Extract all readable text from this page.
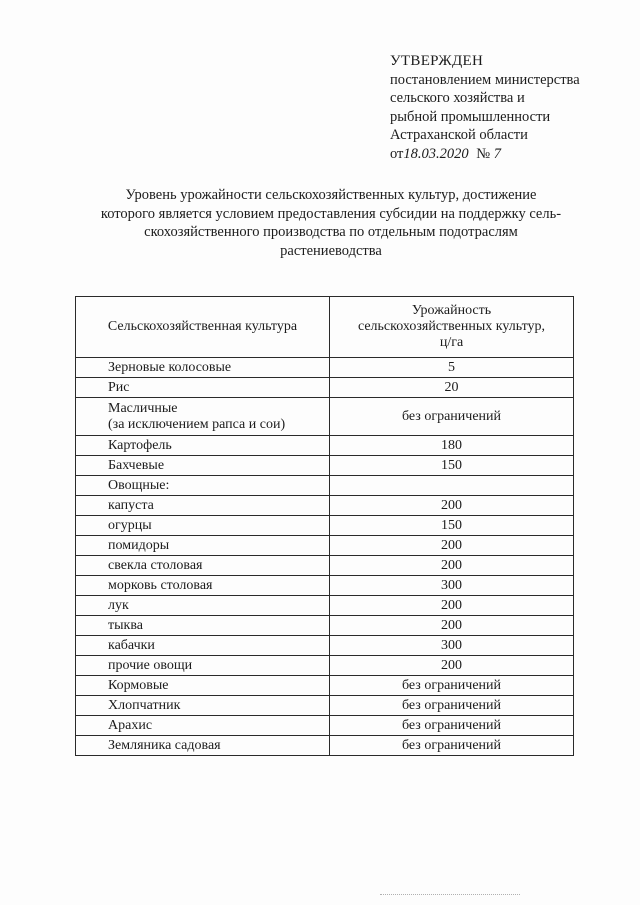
УТВЕРЖДЕН
постановлением министерства
сельского хозяйства и
рыбной промышленности
Астраханской области
от18.03.2020 № 7
Уровень урожайности сельскохозяйственных культур, достижение
которого является условием предоставления субсидии на поддержку сель-
скохозяйственного производства по отдельным подотраслям
растениеводства
Сельскохозяйственная культура	Урожайность
сельскохозяйственных культур,
ц/га

Зерновые колосовые	5
Рис	20

Масличные
(за исключением рапса и сои)	без ограничений
Картофель	180
Бахчевые	150
Овощные:	
капуста	200
огурцы	150
помидоры	200
свекла столовая	200
морковь столовая	300
лук	200
тыква	200
кабачки	300
прочие овощи	200
Кормовые	без ограничений
Хлопчатник	без ограничений
Арахис	без ограничений
Земляника садовая	без ограничений
